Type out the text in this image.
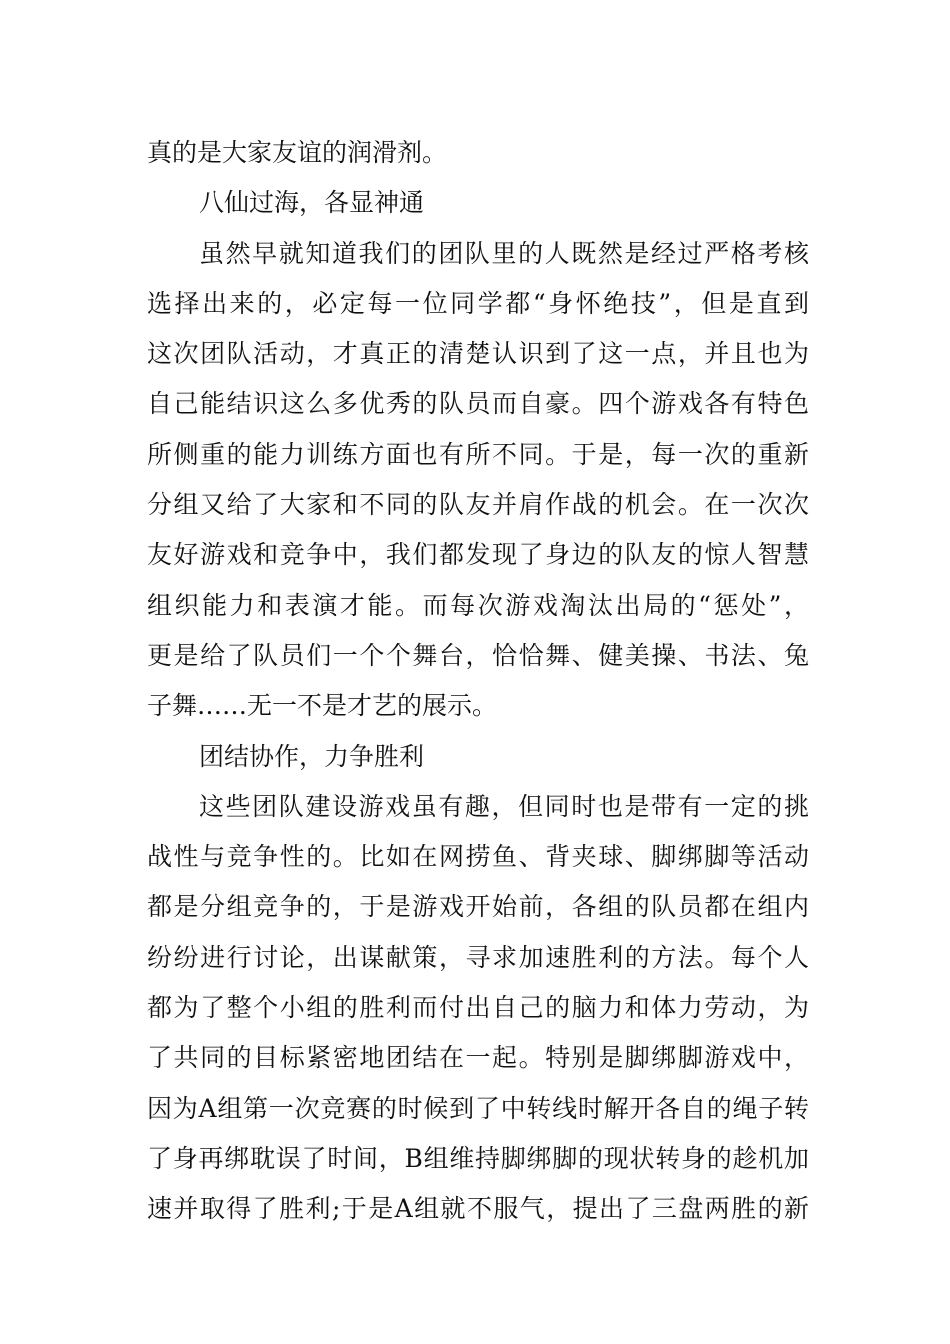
真的是大家友谊的润滑剂。
八仙过海，各显神通
虽然早就知道我们的团队里的人既然是经过严格考核
选择出来的，必定每一位同学都“身怀绝技”，但是直到
这次团队活动，才真正的清楚认识到了这一点，并且也为
自己能结识这么多优秀的队员而自豪。四个游戏各有特色
所侧重的能力训练方面也有所不同。于是，每一次的重新
分组又给了大家和不同的队友并肩作战的机会。在一次次
友好游戏和竞争中，我们都发现了身边的队友的惊人智慧
组织能力和表演才能。而每次游戏淘汰出局的“惩处”，
更是给了队员们一个个舞台，恰恰舞、健美操、书法、兔
子舞……无一不是才艺的展示。
团结协作，力争胜利
这些团队建设游戏虽有趣，但同时也是带有一定的挑
战性与竞争性的。比如在网捞鱼、背夹球、脚绑脚等活动
都是分组竞争的，于是游戏开始前，各组的队员都在组内
纷纷进行讨论，出谋献策，寻求加速胜利的方法。每个人
都为了整个小组的胜利而付出自己的脑力和体力劳动，为
了共同的目标紧密地团结在一起。特别是脚绑脚游戏中，
因为A组第一次竞赛的时候到了中转线时解开各自的绳子转
了身再绑耽误了时间，B组维持脚绑脚的现状转身的趁机加
速并取得了胜利;于是A组就不服气，提出了三盘两胜的新
